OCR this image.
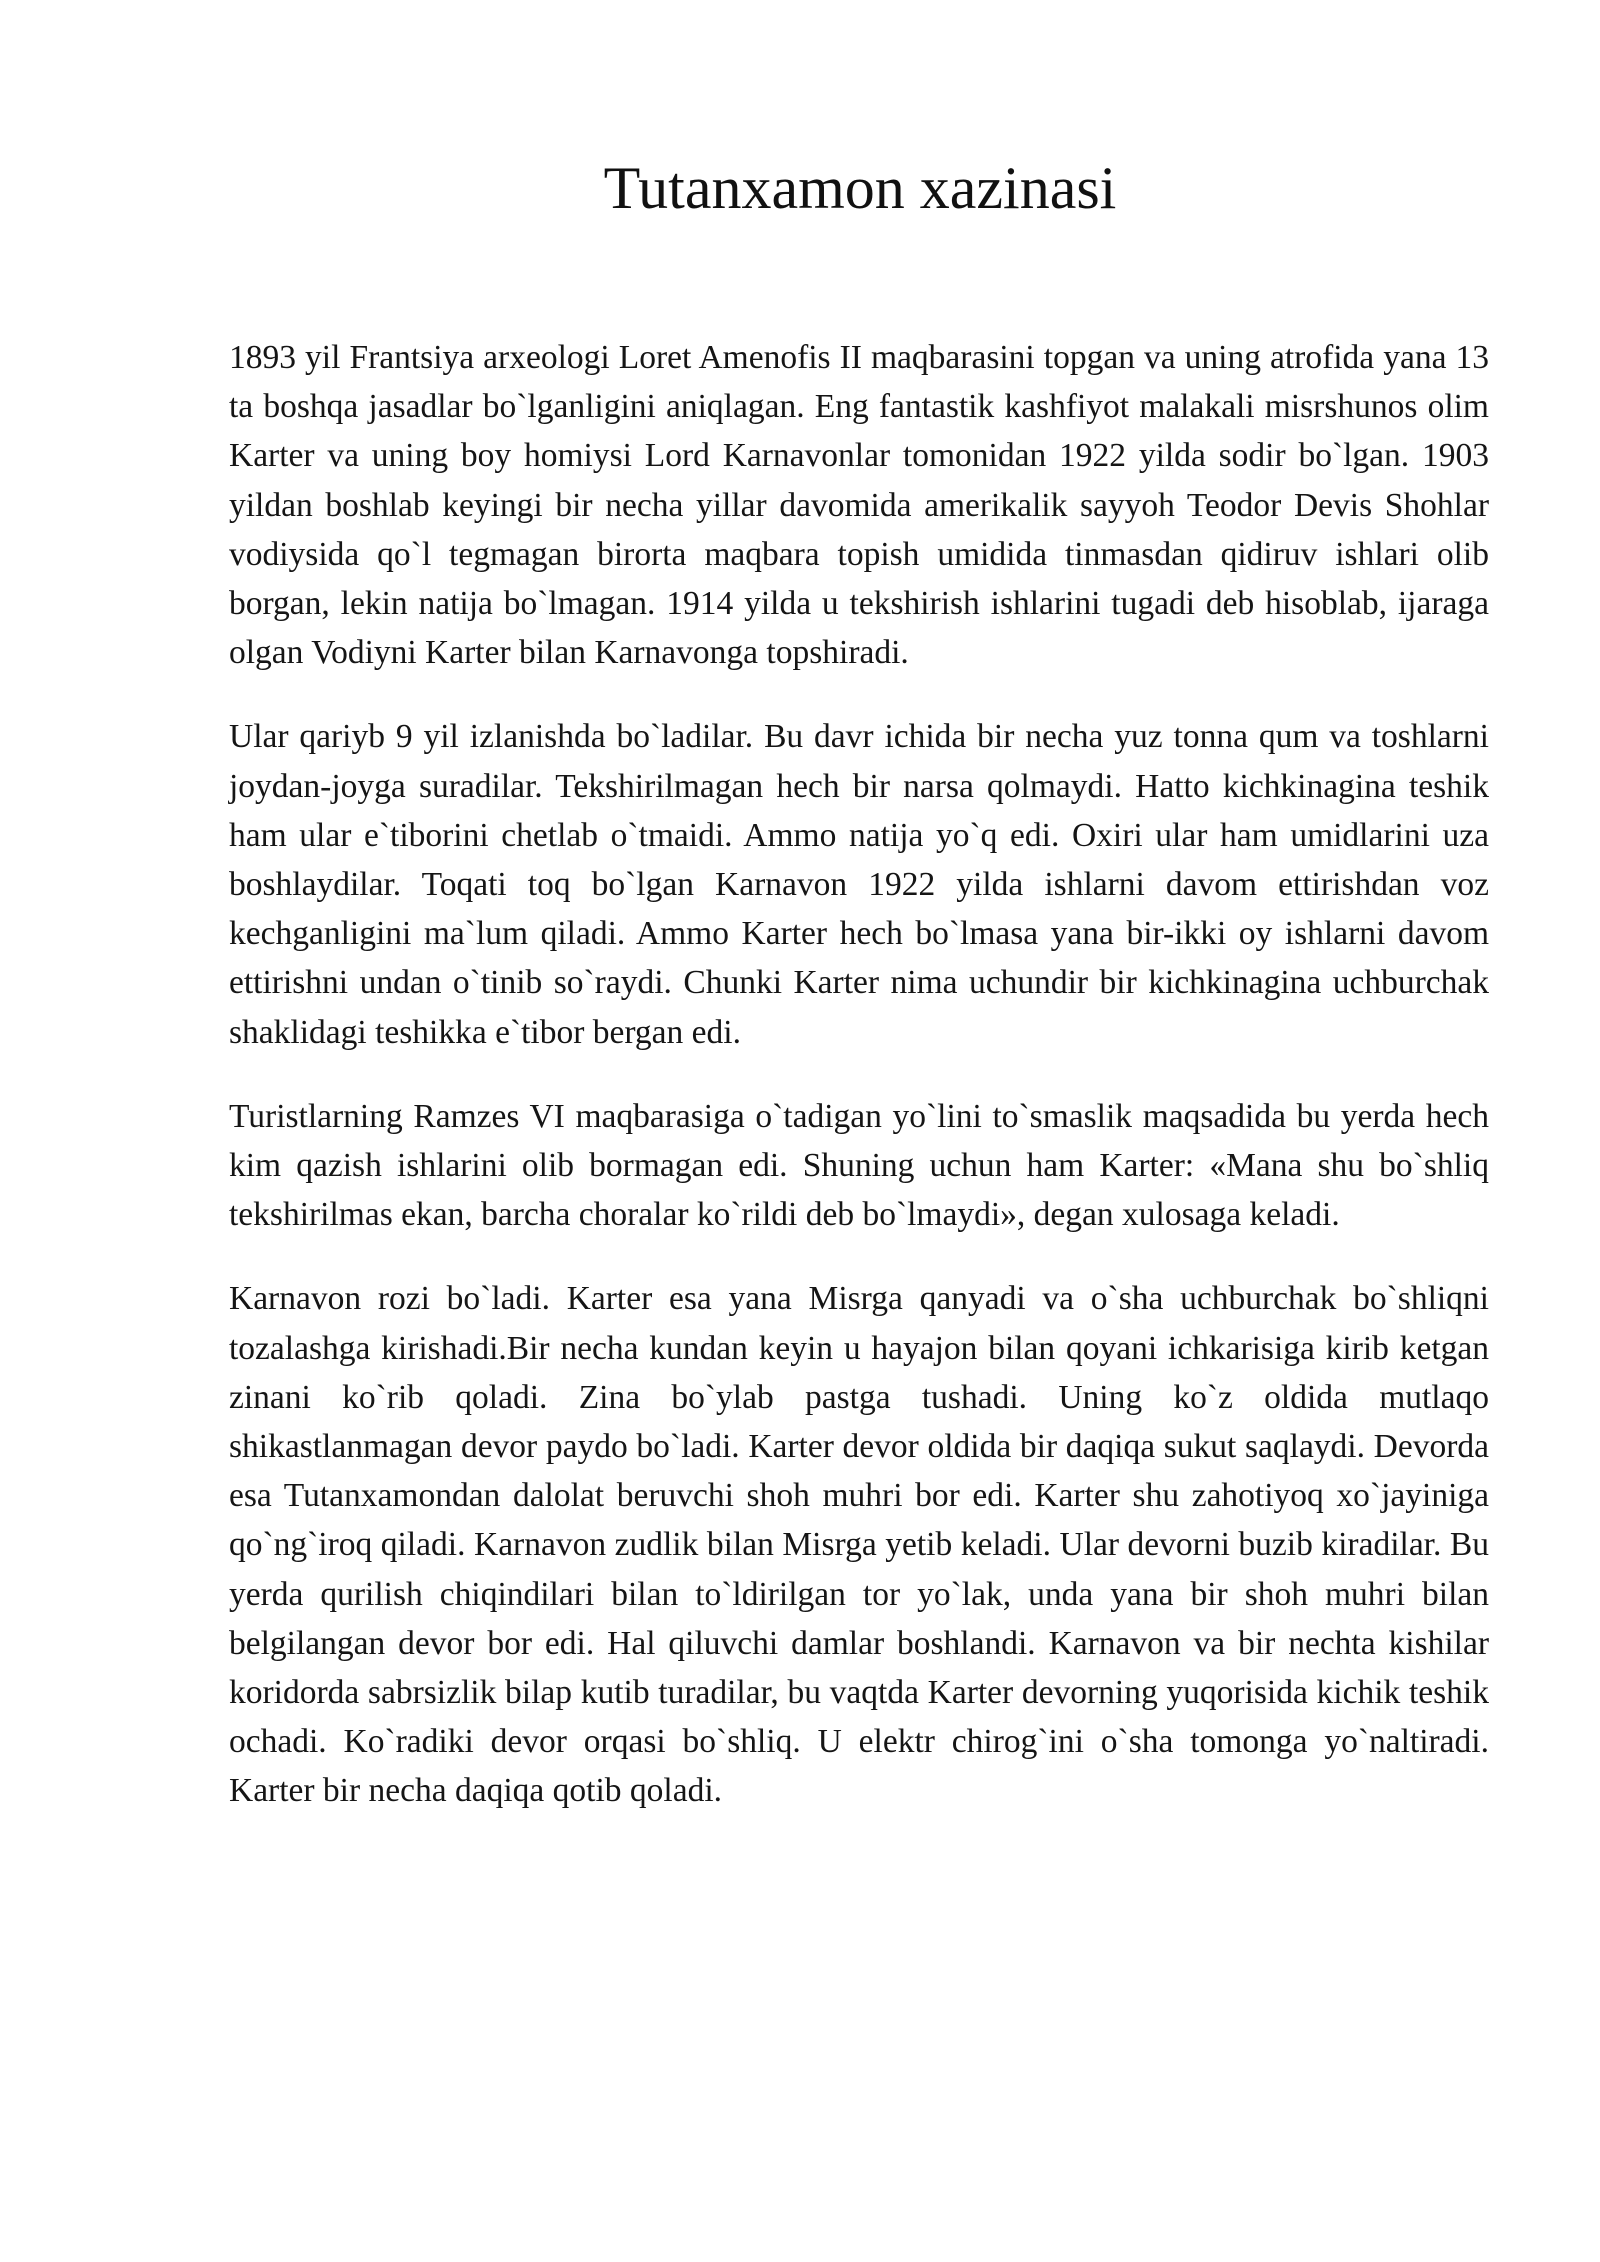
Tutanxamon xazinasi

1893 yil Frantsiya arxeologi Loret Amenofis II maqbarasini topgan va uning atrofida yana 13 ta boshqa jasadlar bo`lganligini aniqlagan. Eng fantastik kashfiyot malakali misrshunos olim Karter va uning boy homiysi Lord Karnavonlar tomonidan 1922 yilda sodir bo`lgan. 1903 yildan boshlab keyingi bir necha yillar davomida amerikalik sayyoh Teodor Devis Shohlar vodiysida qo`l tegmagan birorta maqbara topish umidida tinmasdan qidiruv ishlari olib borgan, lekin natija bo`lmagan. 1914 yilda u tekshirish ishlarini tugadi deb hisoblab, ijaraga olgan Vodiyni Karter bilan Karnavonga topshiradi.

Ular qariyb 9 yil izlanishda bo`ladilar. Bu davr ichida bir necha yuz tonna qum va toshlarni joydan-joyga suradilar. Tekshirilmagan hech bir narsa qolmaydi. Hatto kichkinagina teshik ham ular e`tiborini chetlab o`tmaidi. Ammo natija yo`q edi. Oxiri ular ham umidlarini uza boshlaydilar. Toqati toq bo`lgan Karnavon 1922 yilda ishlarni davom ettirishdan voz kechganligini ma`lum qiladi. Ammo Karter hech bo`lmasa yana bir-ikki oy ishlarni davom ettirishni undan o`tinib so`raydi. Chunki Karter nima uchundir bir kichkinagina uchburchak shaklidagi teshikka e`tibor bergan edi.

Turistlarning Ramzes VI maqbarasiga o`tadigan yo`lini to`smaslik maqsadida bu yerda hech kim qazish ishlarini olib bormagan edi. Shuning uchun ham Karter: «Mana shu bo`shliq tekshirilmas ekan, barcha choralar ko`rildi deb bo`lmaydi», degan xulosaga keladi.

Karnavon rozi bo`ladi. Karter esa yana Misrga qanyadi va o`sha uchburchak bo`shliqni tozalashga kirishadi.Bir necha kundan keyin u hayajon bilan qoyani ichkarisiga kirib ketgan zinani ko`rib qoladi. Zina bo`ylab pastga tushadi. Uning ko`z oldida mutlaqo shikastlanmagan devor paydo bo`ladi. Karter devor oldida bir daqiqa sukut saqlaydi. Devorda esa Tutanxamondan dalolat beruvchi shoh muhri bor edi. Karter shu zahotiyoq xo`jayiniga qo`ng`iroq qiladi. Karnavon zudlik bilan Misrga yetib keladi. Ular devorni buzib kiradilar. Bu yerda qurilish chiqindilari bilan to`ldirilgan tor yo`lak, unda yana bir shoh muhri bilan belgilangan devor bor edi. Hal qiluvchi damlar boshlandi. Karnavon va bir nechta kishilar koridorda sabrsizlik bilap kutib turadilar, bu vaqtda Karter devorning yuqorisida kichik teshik ochadi. Ko`radiki devor orqasi bo`shliq. U elektr chirog`ini o`sha tomonga yo`naltiradi. Karter bir necha daqiqa qotib qoladi.
